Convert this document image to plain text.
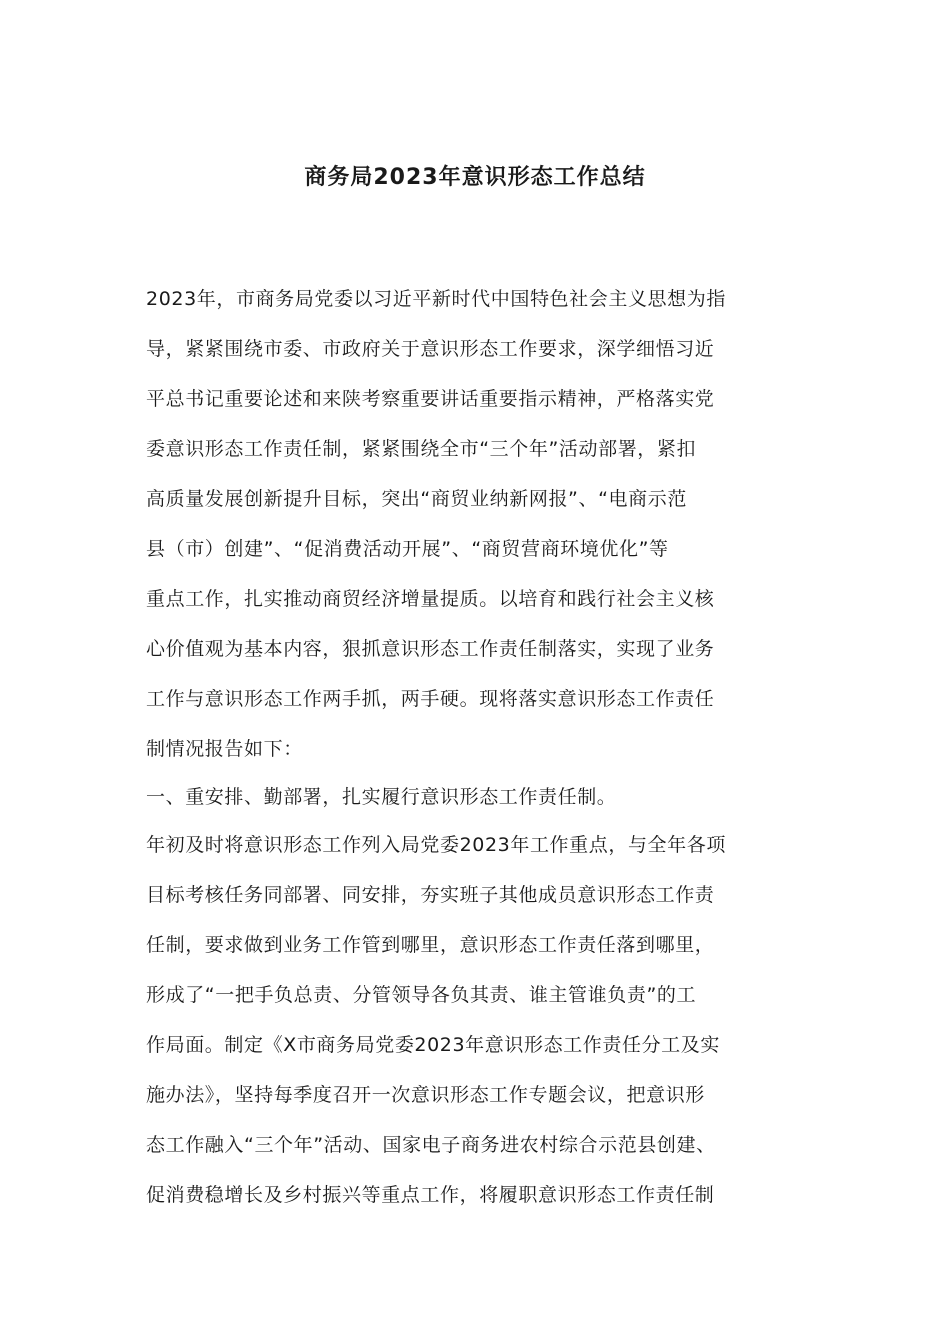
商务局2023年意识形态工作总结
2023年，市商务局党委以习近平新时代中国特色社会主义思想为指
导，紧紧围绕市委、市政府关于意识形态工作要求，深学细悟习近
平总书记重要论述和来陕考察重要讲话重要指示精神，严格落实党
委意识形态工作责任制，紧紧围绕全市“三个年”活动部署，紧扣
高质量发展创新提升目标，突出“商贸业纳新网报”、“电商示范
县（市）创建”、“促消费活动开展”、“商贸营商环境优化”等
重点工作，扎实推动商贸经济增量提质。以培育和践行社会主义核
心价值观为基本内容，狠抓意识形态工作责任制落实，实现了业务
工作与意识形态工作两手抓，两手硬。现将落实意识形态工作责任
制情况报告如下：
一、重安排、勤部署，扎实履行意识形态工作责任制。
年初及时将意识形态工作列入局党委2023年工作重点，与全年各项
目标考核任务同部署、同安排，夯实班子其他成员意识形态工作责
任制，要求做到业务工作管到哪里，意识形态工作责任落到哪里，
形成了“一把手负总责、分管领导各负其责、谁主管谁负责”的工
作局面。制定《X市商务局党委2023年意识形态工作责任分工及实
施办法》，坚持每季度召开一次意识形态工作专题会议，把意识形
态工作融入“三个年”活动、国家电子商务进农村综合示范县创建、
促消费稳增长及乡村振兴等重点工作，将履职意识形态工作责任制
